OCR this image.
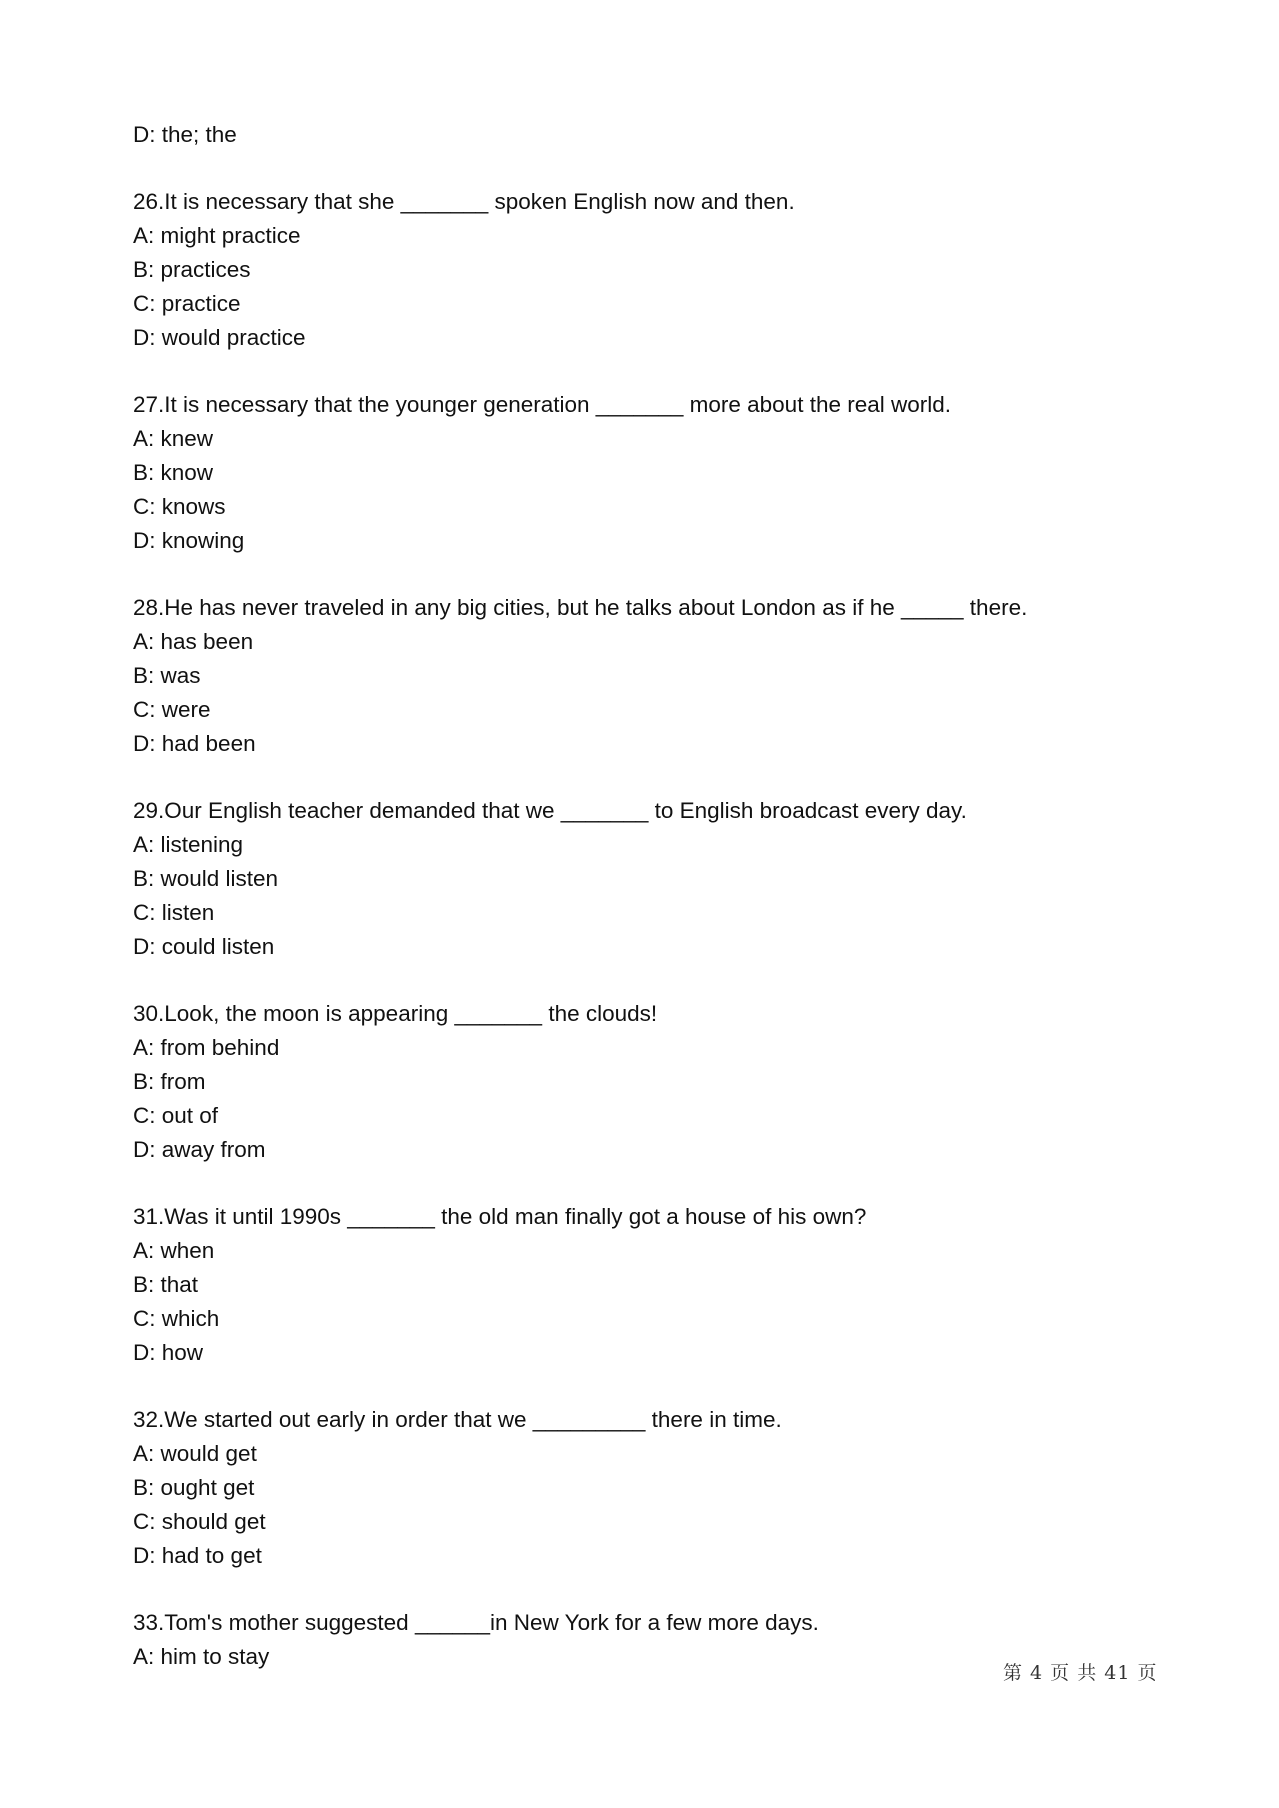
D: the; the
26.It is necessary that she _______ spoken English now and then.
A: might practice
B: practices
C: practice
D: would practice
27.It is necessary that the younger generation _______ more about the real world.
A: knew
B: know
C: knows
D: knowing
28.He has never traveled in any big cities, but he talks about London as if he _____ there.
A: has been
B: was
C: were
D: had been
29.Our English teacher demanded that we _______ to English broadcast every day.
A: listening
B: would listen
C: listen
D: could listen
30.Look, the moon is appearing _______ the clouds!
A: from behind
B: from
C: out of
D: away from
31.Was it until 1990s _______ the old man finally got a house of his own?
A: when
B: that
C: which
D: how
32.We started out early in order that we _________ there in time.
A: would get
B: ought get
C: should get
D: had to get
33.Tom's mother suggested ______in New York for a few more days.
A: him to stay
第 4 页 共 41 页
